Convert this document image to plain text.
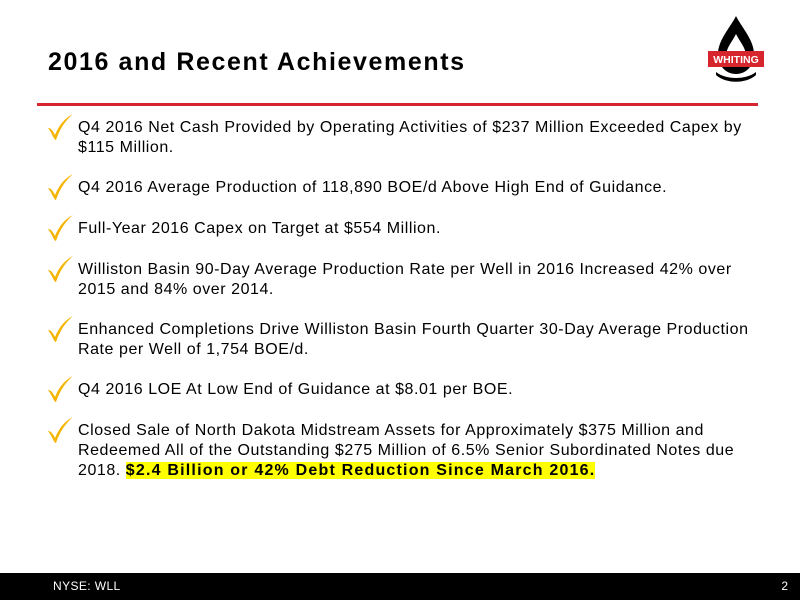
2016 and Recent Achievements	WHITING
Q4 2016 Net Cash Provided by Operating Activities of $237 Million Exceeded Capex by $115 Million.
Q4 2016 Average Production of 118,890 BOE/d Above High End of Guidance.
Full-Year 2016 Capex on Target at $554 Million.
Williston Basin 90-Day Average Production Rate per Well in 2016 Increased 42% over 2015 and 84% over 2014.
Enhanced Completions Drive Williston Basin Fourth Quarter 30-Day Average Production Rate per Well of 1,754 BOE/d.
Q4 2016 LOE At Low End of Guidance at $8.01 per BOE.
Closed Sale of North Dakota Midstream Assets for Approximately $375 Million and Redeemed All of the Outstanding $275 Million of 6.5% Senior Subordinated Notes due 2018. $2.4 Billion or 42% Debt Reduction Since March 2016.
NYSE: WLL	2
